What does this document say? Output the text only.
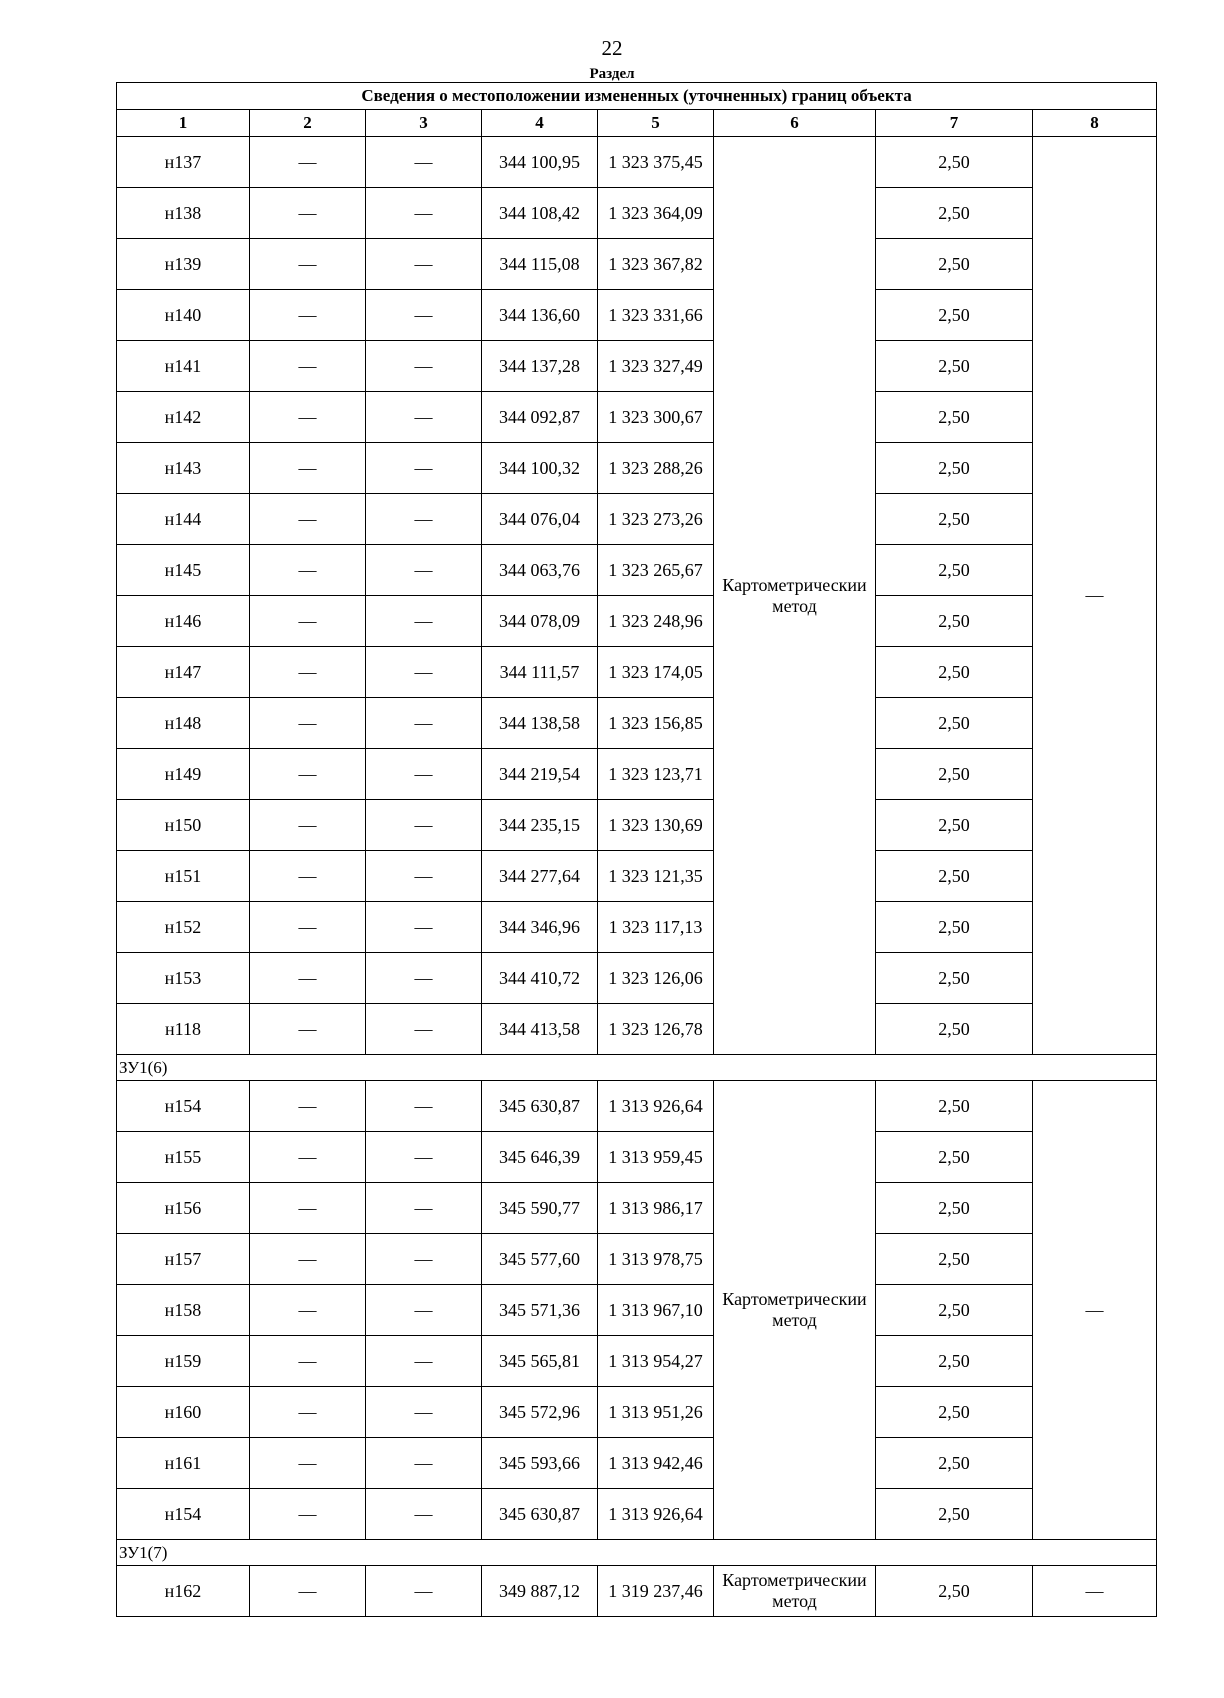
22
Раздел
Сведения о местоположении измененных (уточненных) границ объекта							
1	2	3	4	5	6	7	8
н137	—	—	344 100,95	1 323 375,45	Картометрическии метод	2,50	—
н138	—	—	344 108,42	1 323 364,09		2,50	
н139	—	—	344 115,08	1 323 367,82		2,50	
н140	—	—	344 136,60	1 323 331,66		2,50	
н141	—	—	344 137,28	1 323 327,49		2,50	
н142	—	—	344 092,87	1 323 300,67		2,50	
н143	—	—	344 100,32	1 323 288,26		2,50	
н144	—	—	344 076,04	1 323 273,26		2,50	
н145	—	—	344 063,76	1 323 265,67		2,50	
н146	—	—	344 078,09	1 323 248,96		2,50	
н147	—	—	344 111,57	1 323 174,05		2,50	
н148	—	—	344 138,58	1 323 156,85		2,50	
н149	—	—	344 219,54	1 323 123,71		2,50	
н150	—	—	344 235,15	1 323 130,69		2,50	
н151	—	—	344 277,64	1 323 121,35		2,50	
н152	—	—	344 346,96	1 323 117,13		2,50	
н153	—	—	344 410,72	1 323 126,06		2,50	
н118	—	—	344 413,58	1 323 126,78		2,50	
ЗУ1(6)							
н154	—	—	345 630,87	1 313 926,64	Картометрическии метод	2,50	—
н155	—	—	345 646,39	1 313 959,45		2,50	
н156	—	—	345 590,77	1 313 986,17		2,50	
н157	—	—	345 577,60	1 313 978,75		2,50	
н158	—	—	345 571,36	1 313 967,10		2,50	
н159	—	—	345 565,81	1 313 954,27		2,50	
н160	—	—	345 572,96	1 313 951,26		2,50	
н161	—	—	345 593,66	1 313 942,46		2,50	
н154	—	—	345 630,87	1 313 926,64		2,50	
ЗУ1(7)							
н162	—	—	349 887,12	1 319 237,46	Картометрическии метод	2,50	—
